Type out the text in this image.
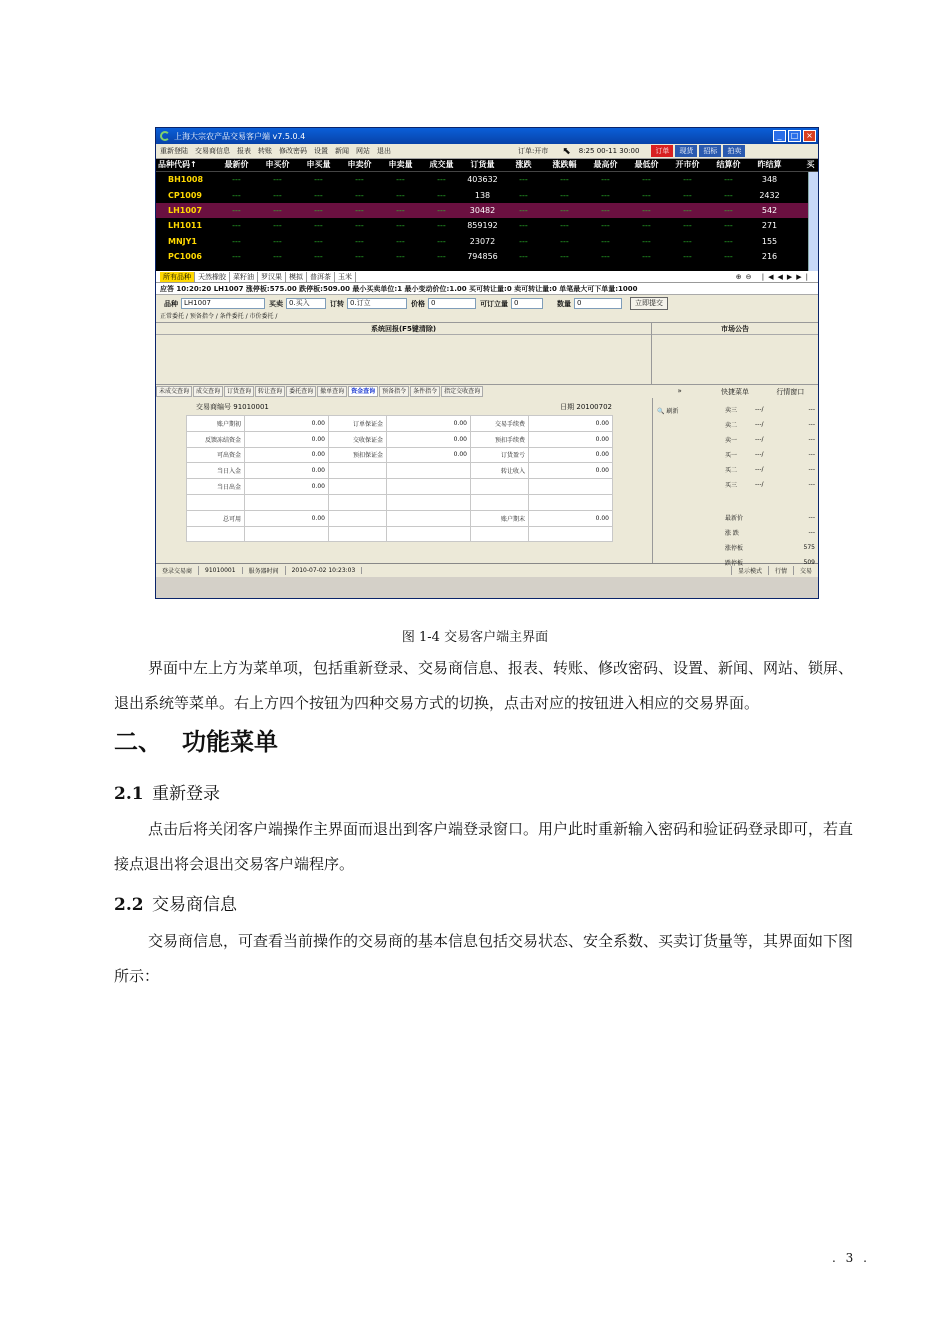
上海大宗农产品交易客户端 v7.5.0.4	_	□ ×
重新登陆 交易商信息 报表 转账 修改密码 设置 新闻 网站 退出	订单:开市 ⬉ 8:25 00-11 30:00	订单	现货	招标	拍卖
品种代码↑	最新价	申买价	申买量	申卖价	申卖量	成交量	订货量	涨跌	涨跌幅	最高价	最低价	开市价	结算价	昨结算	买
BH1008	---	---	---	---	---	---	403632	---	---	---	---	---	---	348
CP1009	---	---	---	---	---	---	138	---	---	---	---	---	---	2432
LH1007	---	---	---	---	---	---	30482	---	---	---	---	---	---	542
LH1011	---	---	---	---	---	---	859192	---	---	---	---	---	---	271
MNJY1	---	---	---	---	---	---	23072	---	---	---	---	---	---	155
PC1006	---	---	---	---	---	---	794856	---	---	---	---	---	---	216
所有品种	天然橡胶	菜籽油	罗汉果	模拟	普洱茶	玉米	⊕⊖ |◀◀▶▶|
应答 10:20:20 LH1007 涨停板:575.00 跌停板:509.00 最小买卖单位:1 最小变动价位:1.00 买可转让量:0 卖可转让量:0 单笔最大可下单量:1000
品种 LH1007	买卖 0.买入	订转 0.订立	价格 0	可订立量 0	数量 0	立即提交
正常委托 / 预备指令 / 条件委托 / 市价委托 /
系统回报(F5键清除)	市场公告
未成交查询	成交查询	订货查询	转让查询	委托查询	撤单查询	资金查询	预备指令	条件指令	指定交收查询	»	快捷菜单	行情窗口
交易商编号 91010001	日期 20100702
账户期初	0.00	订单保证金	0.00	交易手续费	0.00
反馈冻结资金	0.00	交收保证金	0.00	预扣手续费	0.00
可出资金	0.00	预扣保证金	0.00	订货盈亏	0.00
当日入金	0.00			转让收入	0.00
当日出金	0.00				

总可用	0.00			账户期末	0.00

🔍 刷新	卖三	---/	---
卖二	---/	---
卖一	---/	---
买一	---/	---
买二	---/	---
买三	---/	---
最新价	---
涨 跌	---
涨停板	575
跌停板	509
登录交易商	91010001	服务器时间	2010-07-02 10:23:03	显示模式	行情	交易
图 1-4 交易客户端主界面
界面中左上方为菜单项，包括重新登录、交易商信息、报表、转账、修改密码、设置、新闻、网站、锁屏、退出系统等菜单。右上方四个按钮为四种交易方式的切换，点击对应的按钮进入相应的交易界面。
二、 功能菜单
2.1 重新登录
点击后将关闭客户端操作主界面而退出到客户端登录窗口。用户此时重新输入密码和验证码登录即可，若直接点退出将会退出交易客户端程序。
2.2 交易商信息
交易商信息，可查看当前操作的交易商的基本信息包括交易状态、安全系数、买卖订货量等，其界面如下图所示：
. 3 .
